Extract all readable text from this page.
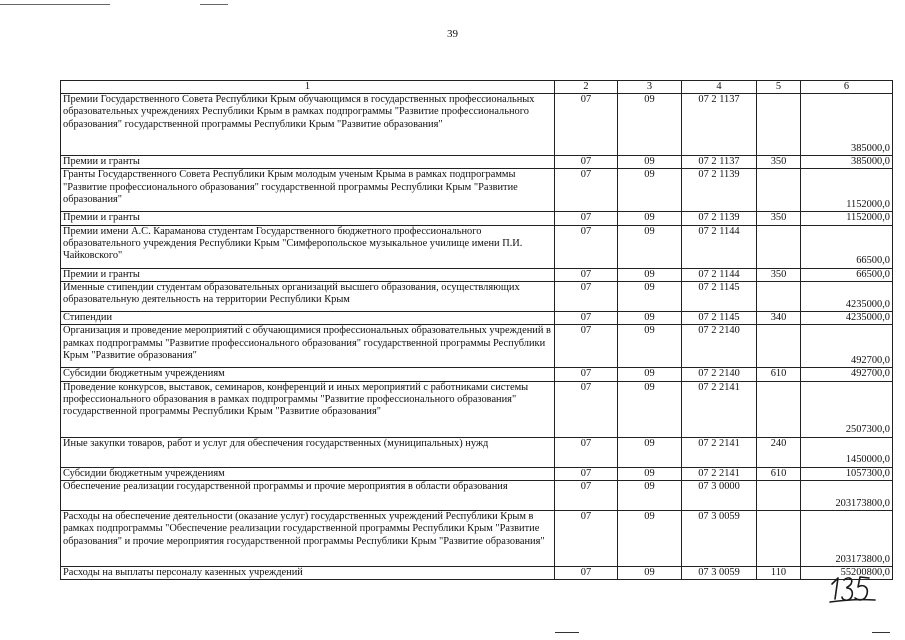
39
1	2	3	4	5	6
Премии Государственного Совета Республики Крым обучающимся в государственных профессиональных образовательных учреждениях Республики Крым в рамках подпрограммы "Развитие профессионального образования" государственной программы Республики Крым "Развитие образования"	07	09	07 2 1137		385000,0
Премии и гранты	07	09	07 2 1137	350	385000,0
Гранты Государственного Совета Республики Крым молодым ученым Крыма в рамках подпрограммы "Развитие профессионального образования" государственной программы Республики Крым "Развитие образования"	07	09	07 2 1139		1152000,0
Премии и гранты	07	09	07 2 1139	350	1152000,0
Премии имени А.С. Караманова студентам Государственного бюджетного профессионального образовательного учреждения Республики Крым "Симферопольское музыкальное училище имени П.И. Чайковского"	07	09	07 2 1144		66500,0
Премии и гранты	07	09	07 2 1144	350	66500,0
Именные стипендии студентам образовательных организаций высшего образования, осуществляющих образовательную деятельность на территории Республики Крым	07	09	07 2 1145		4235000,0
Стипендии	07	09	07 2 1145	340	4235000,0
Организация и проведение мероприятий с обучающимися профессиональных образовательных учреждений в рамках подпрограммы "Развитие профессионального образования" государственной программы Республики Крым "Развитие образования"	07	09	07 2 2140		492700,0
Субсидии бюджетным учреждениям	07	09	07 2 2140	610	492700,0
Проведение конкурсов, выставок, семинаров, конференций и иных мероприятий с работниками системы профессионального образования в рамках подпрограммы "Развитие профессионального образования" государственной программы Республики Крым "Развитие образования"	07	09	07 2 2141		2507300,0
Иные закупки товаров, работ и услуг для обеспечения государственных (муниципальных) нужд	07	09	07 2 2141	240	1450000,0
Субсидии бюджетным учреждениям	07	09	07 2 2141	610	1057300,0
Обеспечение реализации государственной программы и прочие мероприятия в области образования	07	09	07 3 0000		203173800,0
Расходы на обеспечение деятельности (оказание услуг) государственных учреждений Республики Крым в рамках подпрограммы "Обеспечение реализации государственной программы Республики Крым "Развитие образования" и прочие мероприятия государственной программы Республики Крым "Развитие образования"	07	09	07 3 0059		203173800,0
Расходы на выплаты персоналу казенных учреждений	07	09	07 3 0059	110	55200800,0
